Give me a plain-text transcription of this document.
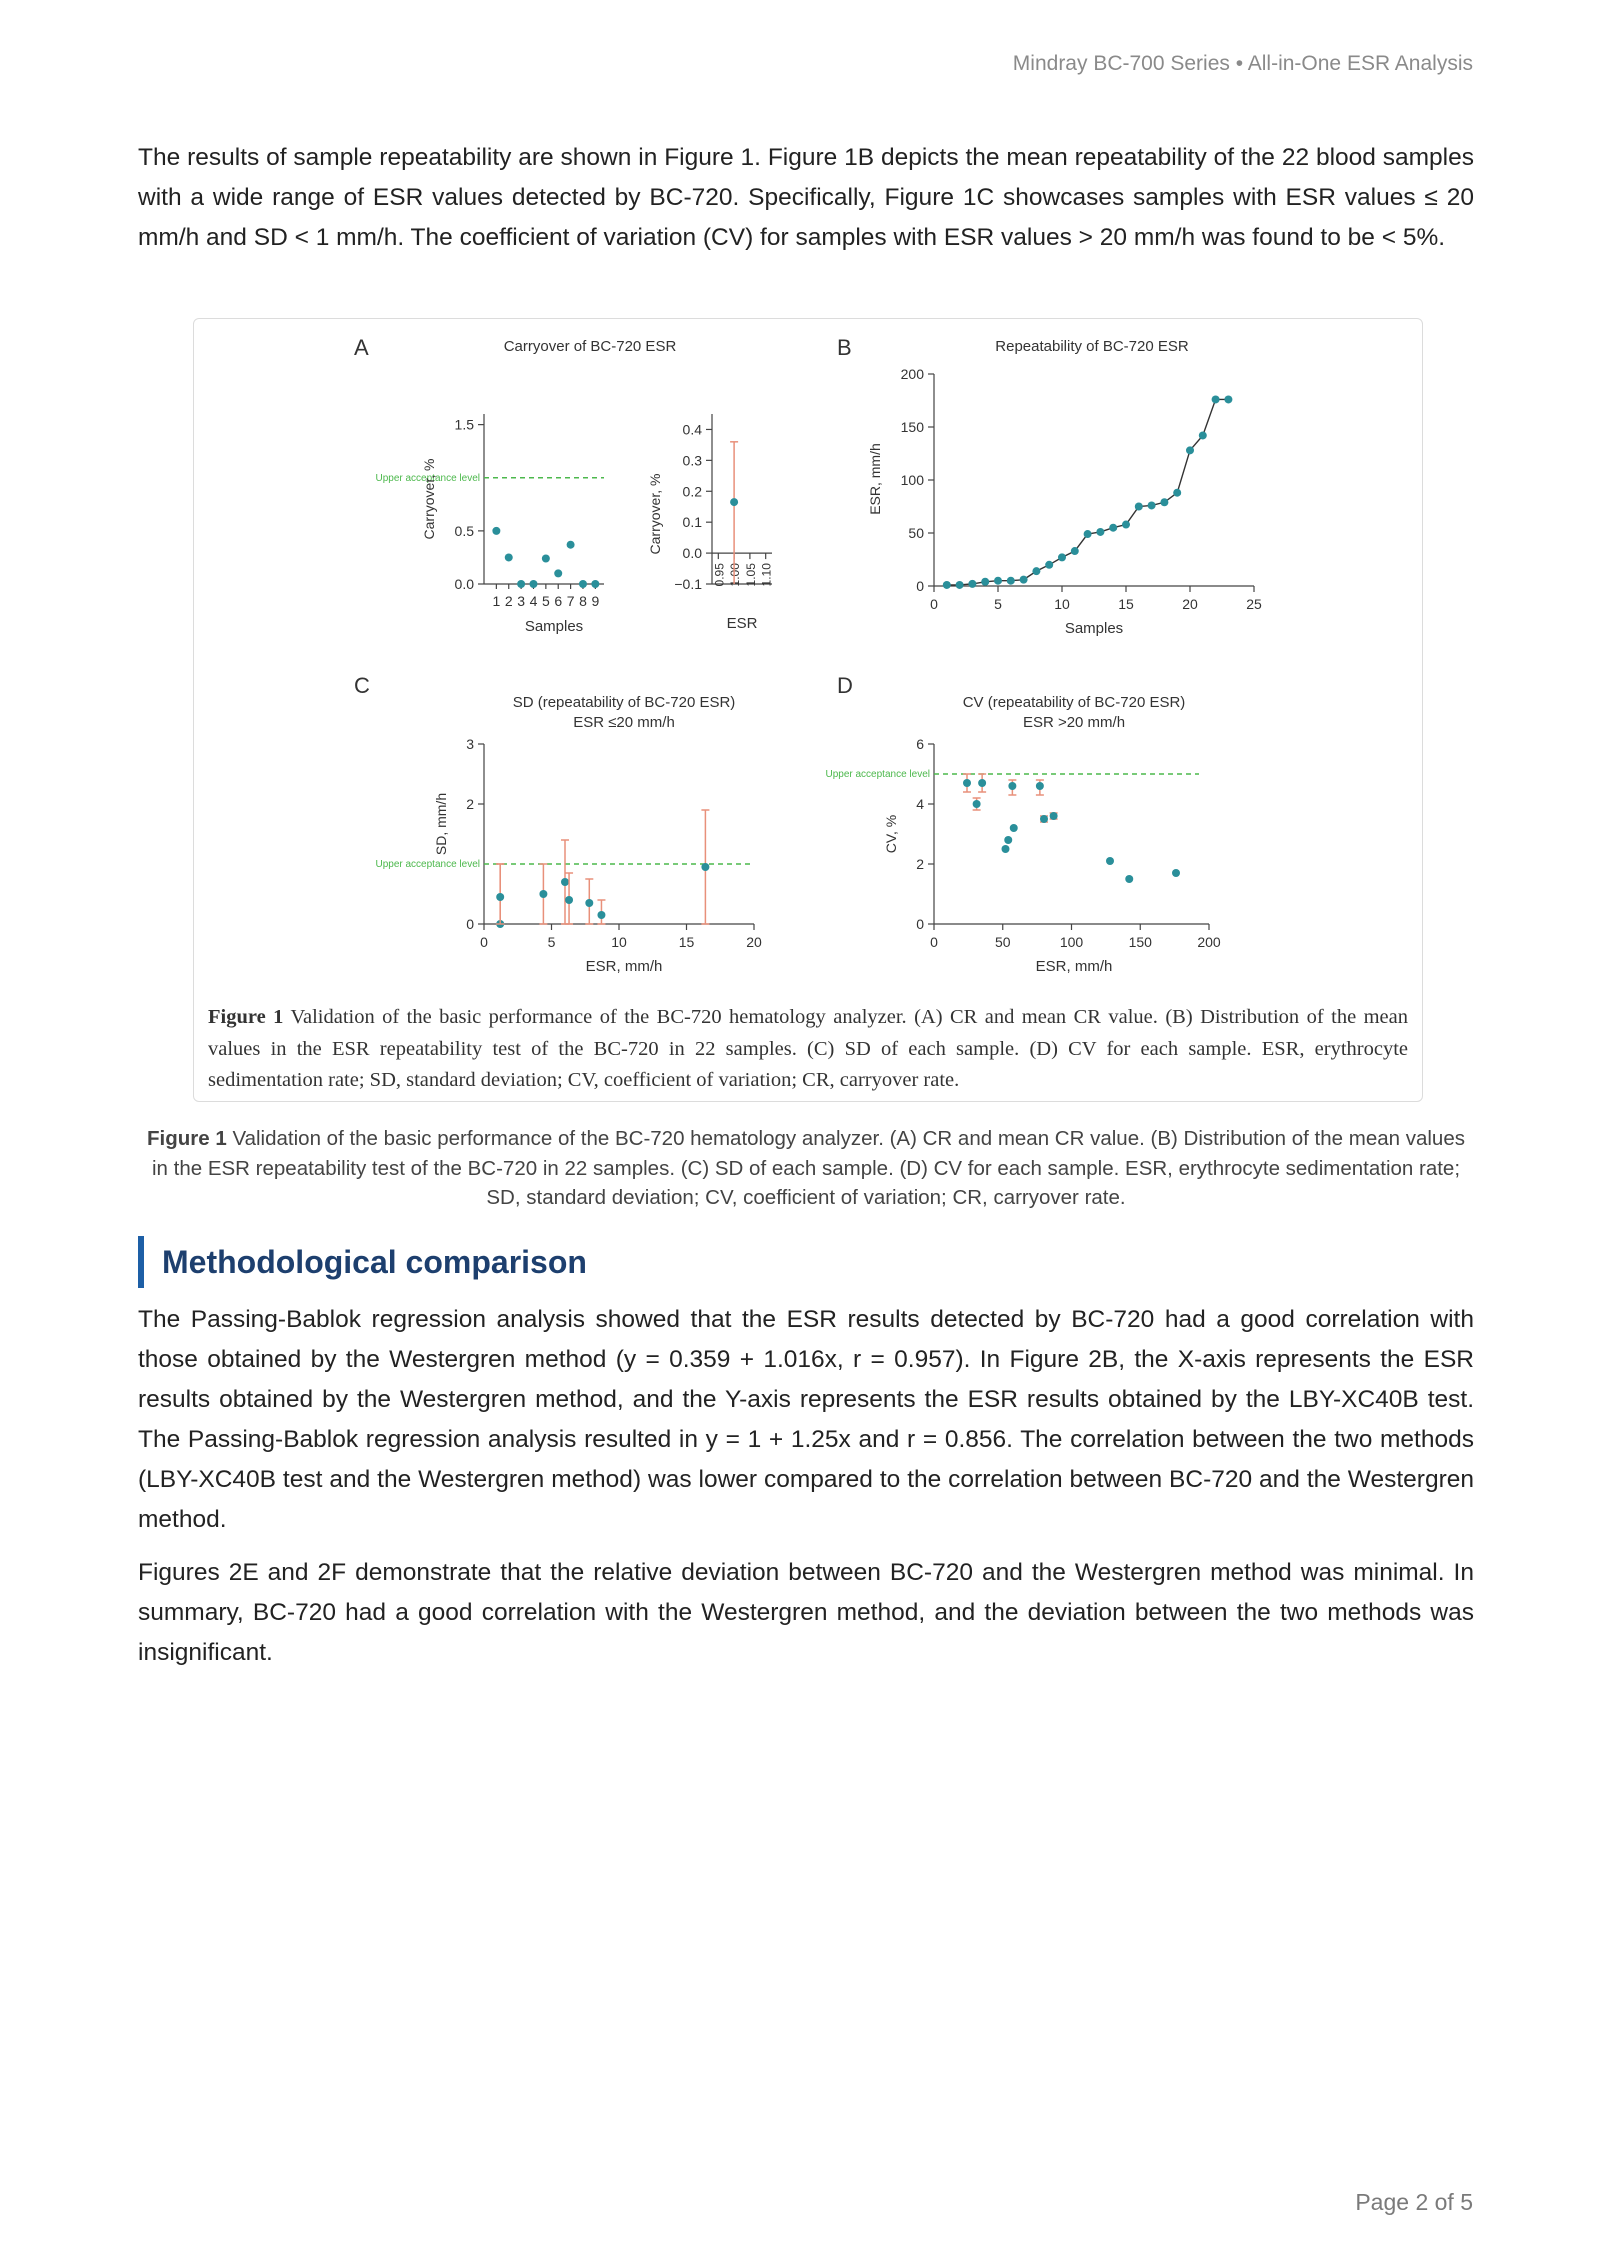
Mindray BC-700 Series • All-in-One ESR Analysis

The results of sample repeatability are shown in Figure 1. Figure 1B depicts the mean repeatability of the 22 blood samples with a wide range of ESR values detected by BC-720. Specifically, Figure 1C showcases samples with ESR values ≤ 20 mm/h and SD < 1 mm/h. The coefficient of variation (CV) for samples with ESR values > 20 mm/h was found to be < 5%.

A	B
C	D
Carryover of BC-720 ESR
0.0
0.5
1.5
1 2 3 4 5 6 7 8 9
Upper acceptance level
Samples
Carryover, %
−0.1
0.0
0.1
0.2
0.3
0.4
0.95 1.00 1.05 1.10
ESR
Carryover, %
Repeatability of BC-720 ESR
0
50
100
150
200
0	5	10	15	20	25
Samples
ESR, mm/h
SD (repeatability of BC-720 ESR)
ESR ≤20 mm/h
0
2
3
0	5	10	15	20
Upper acceptance level
ESR, mm/h
SD, mm/h
CV (repeatability of BC-720 ESR)
ESR >20 mm/h
0
2
4
6
0	50	100	150	200
Upper acceptance level
ESR, mm/h
CV, %
Figure 1 Validation of the basic performance of the BC-720 hematology analyzer. (A) CR and mean CR value. (B) Distribution of the mean values in the ESR repeatability test of the BC-720 in 22 samples. (C) SD of each sample. (D) CV for each sample. ESR, erythrocyte sedimentation rate; SD, standard deviation; CV, coefficient of variation; CR, carryover rate.
Figure 1 Validation of the basic performance of the BC-720 hematology analyzer. (A) CR and mean CR value. (B) Distribution of the mean values in the ESR repeatability test of the BC-720 in 22 samples. (C) SD of each sample. (D) CV for each sample. ESR, erythrocyte sedimentation rate; SD, standard deviation; CV, coefficient of variation; CR, carryover rate.
Methodological comparison

The Passing-Bablok regression analysis showed that the ESR results detected by BC-720 had a good correlation with those obtained by the Westergren method (y = 0.359 + 1.016x, r = 0.957). In Figure 2B, the X-axis represents the ESR results obtained by the Westergren method, and the Y-axis represents the ESR results obtained by the LBY-XC40B test. The Passing-Bablok regression analysis resulted in y = 1 + 1.25x and r = 0.856. The correlation between the two methods (LBY-XC40B test and the Westergren method) was lower compared to the correlation between BC-720 and the Westergren method.

Figures 2E and 2F demonstrate that the relative deviation between BC-720 and the Westergren method was minimal. In summary, BC-720 had a good correlation with the Westergren method, and the deviation between the two methods was insignificant.

Page 2 of 5
